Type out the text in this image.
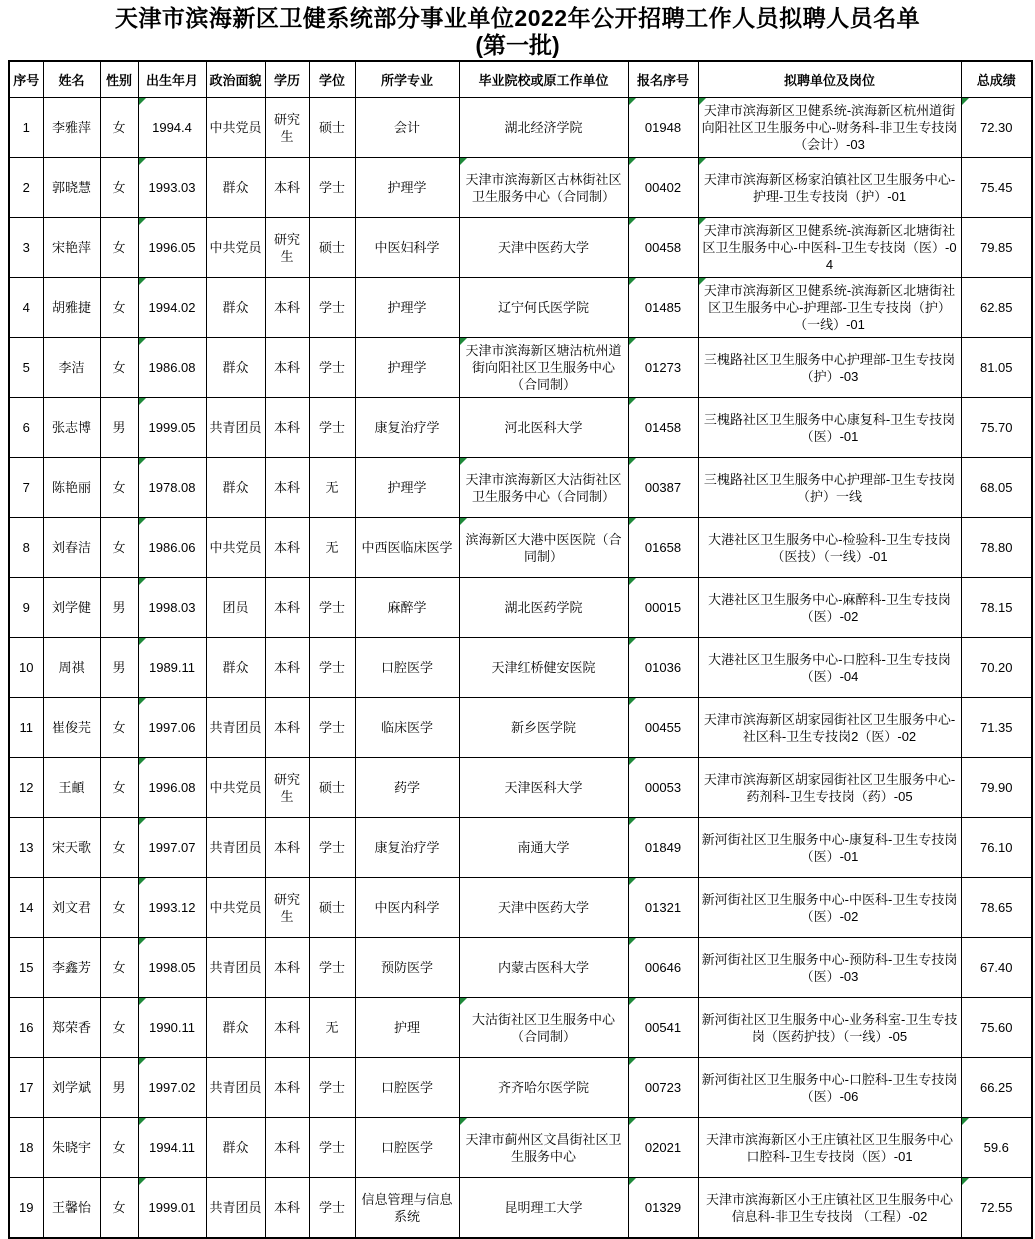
天津市滨海新区卫健系统部分事业单位2022年公开招聘工作人员拟聘人员名单
(第一批)
序号	姓名	性别	出生年月	政治面貌	学历	学位	所学专业	毕业院校或原工作单位	报名序号	拟聘单位及岗位	总成绩
1	李雅萍	女	1994.4	中共党员	研究生	硕士	会计	湖北经济学院	01948	天津市滨海新区卫健系统-滨海新区杭州道街向阳社区卫生服务中心-财务科-非卫生专技岗（会计）-03	72.30

2	郭晓慧	女	1993.03	群众	本科	学士	护理学	天津市滨海新区古林街社区卫生服务中心（合同制）	00402	天津市滨海新区杨家泊镇社区卫生服务中心-护理-卫生专技岗（护）-01	75.45
3	宋艳萍	女	1996.05	中共党员	研究生	硕士	中医妇科学	天津中医药大学	00458	天津市滨海新区卫健系统-滨海新区北塘街社区卫生服务中心-中医科-卫生专技岗（医）-04	79.85
4	胡雅捷	女	1994.02	群众	本科	学士	护理学	辽宁何氏医学院	01485	天津市滨海新区卫健系统-滨海新区北塘街社区卫生服务中心-护理部-卫生专技岗（护）（一线）-01	62.85
5	李洁	女	1986.08	群众	本科	学士	护理学	天津市滨海新区塘沽杭州道街向阳社区卫生服务中心（合同制）	01273	三槐路社区卫生服务中心护理部-卫生专技岗（护）-03	81.05
6	张志博	男	1999.05	共青团员	本科	学士	康复治疗学	河北医科大学	01458	三槐路社区卫生服务中心康复科-卫生专技岗（医）-01	75.70
7	陈艳丽	女	1978.08	群众	本科	无	护理学	天津市滨海新区大沽街社区卫生服务中心（合同制）	00387	三槐路社区卫生服务中心护理部-卫生专技岗（护）一线	68.05
8	刘春洁	女	1986.06	中共党员	本科	无	中西医临床医学	滨海新区大港中医医院（合同制）	01658	大港社区卫生服务中心-检验科-卫生专技岗（医技）（一线）-01	78.80
9	刘学健	男	1998.03	团员	本科	学士	麻醉学	湖北医药学院	00015	大港社区卫生服务中心-麻醉科-卫生专技岗（医）-02	78.15
10	周祺	男	1989.11	群众	本科	学士	口腔医学	天津红桥健安医院	01036	大港社区卫生服务中心-口腔科-卫生专技岗（医）-04	70.20
11	崔俊芫	女	1997.06	共青团员	本科	学士	临床医学	新乡医学院	00455	天津市滨海新区胡家园街社区卫生服务中心-社区科-卫生专技岗2（医）-02	71.35
12	王頔	女	1996.08	中共党员	研究生	硕士	药学	天津医科大学	00053	天津市滨海新区胡家园街社区卫生服务中心-药剂科-卫生专技岗（药）-05	79.90
13	宋天歌	女	1997.07	共青团员	本科	学士	康复治疗学	南通大学	01849	新河街社区卫生服务中心-康复科-卫生专技岗（医）-01	76.10
14	刘文君	女	1993.12	中共党员	研究生	硕士	中医内科学	天津中医药大学	01321	新河街社区卫生服务中心-中医科-卫生专技岗（医）-02	78.65
15	李鑫芳	女	1998.05	共青团员	本科	学士	预防医学	内蒙古医科大学	00646	新河街社区卫生服务中心-预防科-卫生专技岗（医）-03	67.40
16	郑荣香	女	1990.11	群众	本科	无	护理	大沽街社区卫生服务中心（合同制）	00541	新河街社区卫生服务中心-业务科室-卫生专技岗（医药护技）（一线）-05	75.60
17	刘学斌	男	1997.02	共青团员	本科	学士	口腔医学	齐齐哈尔医学院	00723	新河街社区卫生服务中心-口腔科-卫生专技岗（医）-06	66.25
18	朱晓宇	女	1994.11	群众	本科	学士	口腔医学	天津市蓟州区文昌街社区卫生服务中心	02021	天津市滨海新区小王庄镇社区卫生服务中心 口腔科-卫生专技岗（医）-01	59.6

19	王馨怡	女	1999.01	共青团员	本科	学士	信息管理与信息系统	昆明理工大学	01329	天津市滨海新区小王庄镇社区卫生服务中心 信息科-非卫生专技岗 （工程）-02	72.55
